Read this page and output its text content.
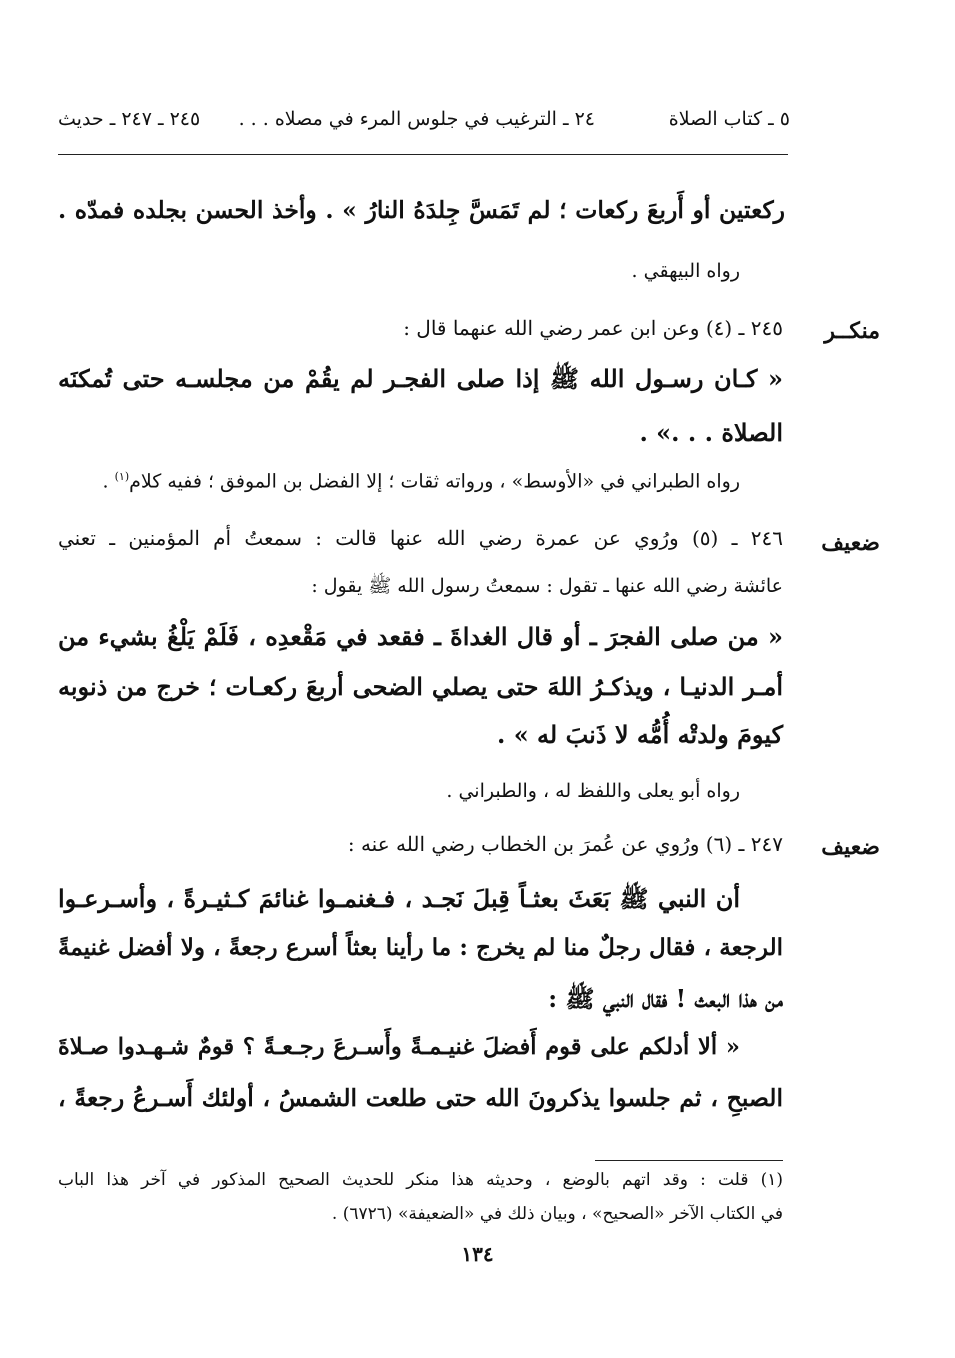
٥ ـ كتاب الصلاة
٢٤ ـ الترغيب في جلوس المرء في مصلاه . . .
٢٤٥ ـ ٢٤٧ ـ حديث
ركعتين أو أَربعَ ركعات ؛ لم تَمَسَّ جِلدَهُ النارُ » . وأخذ الحسن بجلده فمدّه .
رواه البيهقي .
منكــر
٢٤٥ ـ (٤) وعن ابن عمر رضي الله عنهما قال :
« كـان رسـول الله ﷺ إذا صلى الفجـر لم يقُمْ من مجلسـه حتى تُمكنَه
الصلاة . . .» .
رواه الطبراني في «الأوسط» ، ورواته ثقات ؛ إلا الفضل بن الموفق ؛ ففيه كلام$^{(١)}$ .
ضعيف
٢٤٦ ـ (٥) ورُوي عن عمرة رضي الله عنها قالت : سمعتُ أم المؤمنين ـ تعني
عائشة رضي الله عنها ـ تقول : سمعتُ رسول الله ﷺ يقول :
« من صلى الفجرَ ـ أو قال الغداةَ ـ فقعد في مَقْعدِه ، فَلَمْ يَلْغُ بشيء من
أمـر الدنيـا ، ويذكـرُ اللهَ حتى يصلي الضحى أربعَ ركعـات ؛ خرج من ذنوبه
كيومَ ولدتْه أُمُّه لا ذَنبَ له » .
رواه أبو يعلى واللفظ له ، والطبراني .
ضعيف
٢٤٧ ـ (٦) ورُوي عن عُمرَ بن الخطاب رضي الله عنه :
أن النبي ﷺ بَعَثَ بعثـاً قِبلَ نَجـد ، فـغنمـوا غنائمَ كـثيـرةً ، وأسـرعـوا
الرجعة ، فقال رجلٌ منا لم يخرج : ما رأينا بعثاً أسرع رجعةً ، ولا أفضل غنيمةً
من هذا البعث ! فقال النبي ﷺ :
« ألا أدلكم على قوم أَفضلَ غنيـمـةً وأَسـرعَ رجـعـةً ؟ قومٌ شـهـدوا صـلاةَ
الصبحِ ، ثم جلسوا يذكرونَ الله حتى طلعت الشمسُ ، أولئك أَسـرعُ رجعةً ،
(١) قلت : وقد اتهم بالوضع ، وحديثه هذا منكر للحديث الصحيح المذكور في آخر هذا الباب
في الكتاب الآخر «الصحيح» ، وبيان ذلك في «الضعيفة» (٦٧٢٦) .
١٣٤
